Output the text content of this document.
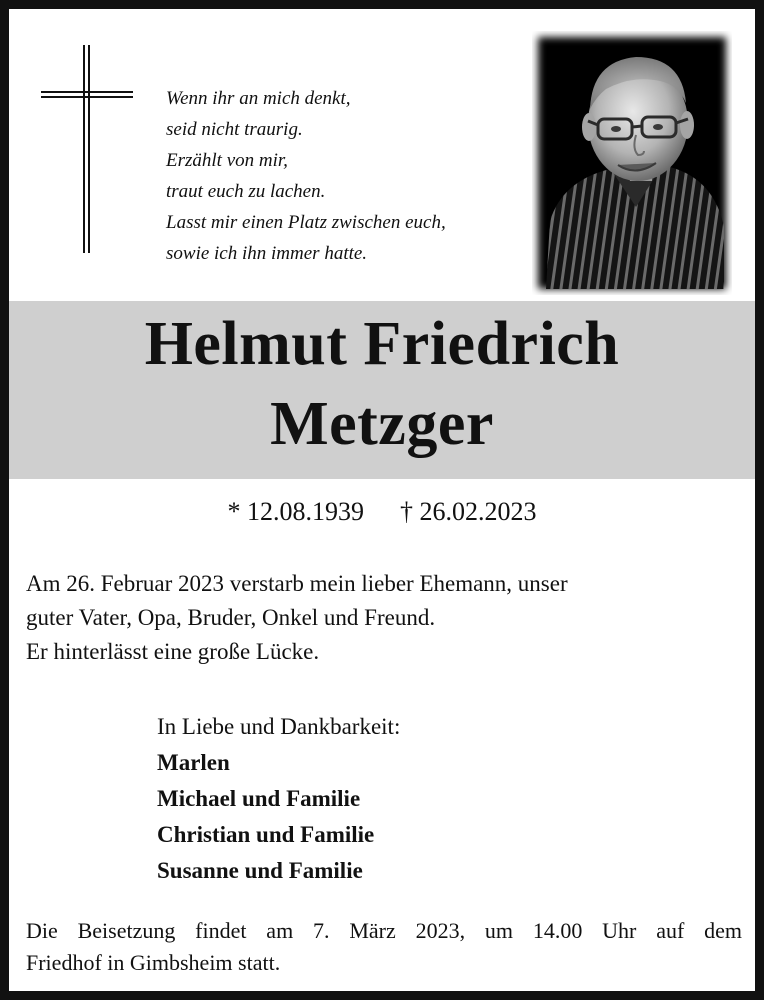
Wenn ihr an mich denkt,
seid nicht traurig.
Erzählt von mir,
traut euch zu lachen.
Lasst mir einen Platz zwischen euch,
sowie ich ihn immer hatte.
Helmut Friedrich
Metzger
* 12.08.1939 † 26.02.2023
Am 26. Februar 2023 verstarb mein lieber Ehemann, unser
guter Vater, Opa, Bruder, Onkel und Freund.
Er hinterlässt eine große Lücke.
In Liebe und Dankbarkeit:
Marlen
Michael und Familie
Christian und Familie
Susanne und Familie
Die Beisetzung findet am 7. März 2023, um 14.00 Uhr auf dem
Friedhof in Gimbsheim statt.
